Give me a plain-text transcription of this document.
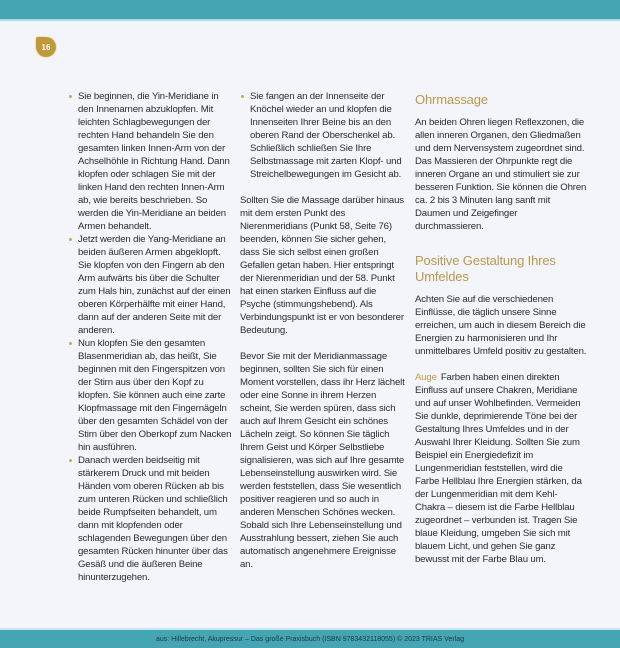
16
Sie beginnen, die Yin-Meridiane in den Innenarnen abzuklopfen. Mit leichten Schlagbewegungen der rechten Hand behandeln Sie den gesamten linken Innen-Arm von der Achselhöhle in Richtung Hand. Dann klopfen oder schlagen Sie mit der linken Hand den rechten Innen-Arm ab, wie bereits beschrieben. So werden die Yin-Meridiane an beiden Armen behandelt.
Jetzt werden die Yang-Meridiane an beiden äußeren Armen abgeklopft. Sie klopfen von den Fingern ab den Arm aufwärts bis über die Schulter zum Hals hin, zunächst auf der einen oberen Körperhälfte mit einer Hand, dann auf der anderen Seite mit der anderen.
Nun klopfen Sie den gesamten Blasenmeridian ab, das heißt, Sie beginnen mit den Fingerspitzen von der Stirn aus über den Kopf zu klopfen. Sie können auch eine zarte Klopfmassage mit den Fingernägeln über den gesamten Schädel von der Stirn über den Oberkopf zum Nacken hin ausführen.
Danach werden beidseitig mit stärkerem Druck und mit beiden Händen vom oberen Rücken ab bis zum unteren Rücken und schließlich beide Rumpfseiten behandelt, um dann mit klopfenden oder schlagenden Bewegungen über den gesamten Rücken hinunter über das Gesäß und die äußeren Beine hinunterzugehen.
Sie fangen an der Innenseite der Knöchel wieder an und klopfen die Innenseiten Ihrer Beine bis an den oberen Rand der Oberschenkel ab. Schließlich schließen Sie Ihre Selbstmassage mit zarten Klopf- und Streichelbewegungen im Gesicht ab.

Sollten Sie die Massage darüber hinaus mit dem ersten Punkt des Nierenmeridians (Punkt 58, Seite 76) beenden, können Sie sicher gehen, dass Sie sich selbst einen großen Gefallen getan haben. Hier entspringt der Nierenmeridian und der 58. Punkt hat einen starken Einfluss auf die Psyche (stimmungshebend). Als Verbindungspunkt ist er von besonderer Bedeutung.

Bevor Sie mit der Meridianmassage beginnen, sollten Sie sich für einen Moment vorstellen, dass ihr Herz lächelt oder eine Sonne in ihrem Herzen scheint, Sie werden spüren, dass sich auch auf Ihrem Gesicht ein schönes Lächeln zeigt. So können Sie täglich Ihrem Geist und Körper Selbstliebe signalisieren, was sich auf Ihre gesamte Lebenseinstellung auswirken wird. Sie werden feststellen, dass Sie wesentlich positiver reagieren und so auch in anderen Menschen Schönes wecken. Sobald sich Ihre Lebenseinstellung und Ausstrahlung bessert, ziehen Sie auch automatisch angenehmere Ereignisse an.

Ohrmassage

An beiden Ohren liegen Reflexzonen, die allen inneren Organen, den Gliedmaßen und dem Nervensystem zugeordnet sind. Das Massieren der Ohrpunkte regt die inneren Organe an und stimuliert sie zur besseren Funktion. Sie können die Ohren ca. 2 bis 3 Minuten lang sanft mit Daumen und Zeigefinger durchmassieren.

Positive Gestaltung Ihres Umfeldes

Achten Sie auf die verschiedenen Einflüsse, die täglich unsere Sinne erreichen, um auch in diesem Bereich die Energien zu harmonisieren und Ihr unmittelbares Umfeld positiv zu gestalten.

Auge Farben haben einen direkten Einfluss auf unsere Chakren, Meridiane und auf unser Wohlbefinden. Vermeiden Sie dunkle, deprimierende Töne bei der Gestaltung Ihres Umfeldes und in der Auswahl Ihrer Kleidung. Sollten Sie zum Beispiel ein Energiedefizit im Lungenmeridian feststellen, wird die Farbe Hellblau Ihre Energien stärken, da der Lungenmeridian mit dem Kehl-Chakra – diesem ist die Farbe Hellblau zugeordnet – verbunden ist. Tragen Sie blaue Kleidung, umgeben Sie sich mit blauem Licht, und gehen Sie ganz bewusst mit der Farbe Blau um.

aus: Hillebrecht, Akupressur – Das große Praxisbuch (ISBN 9783432118055) © 2023 TRIAS Verlag
